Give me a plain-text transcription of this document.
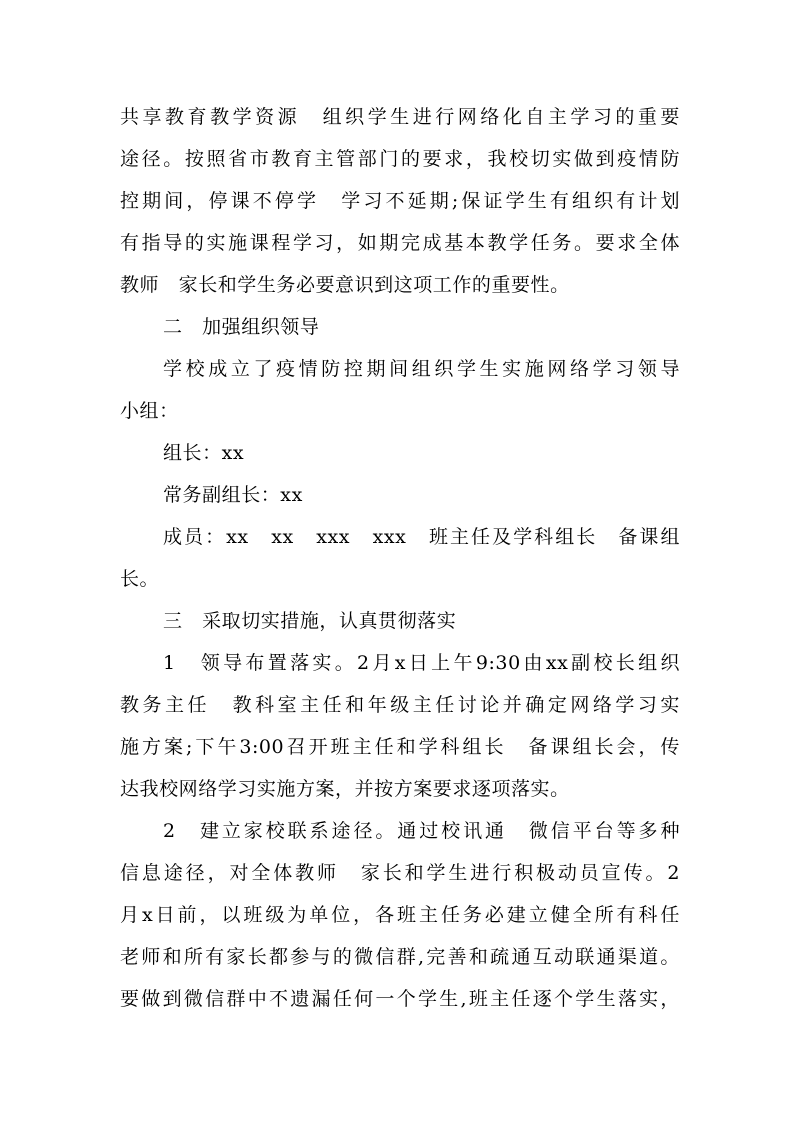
共享教育教学资源　组织学生进行网络化自主学习的重要
途径。按照省市教育主管部门的要求，我校切实做到疫情防
控期间，停课不停学　学习不延期;保证学生有组织有计划
有指导的实施课程学习，如期完成基本教学任务。要求全体
教师　家长和学生务必要意识到这项工作的重要性。
二　加强组织领导
学校成立了疫情防控期间组织学生实施网络学习领导
小组：
组长：xx
常务副组长：xx
成员：xx　xx　xxx　xxx　班主任及学科组长　备课组
长。
三　采取切实措施，认真贯彻落实
1　领导布置落实。2月x日上午9:30由xx副校长组织
教务主任　教科室主任和年级主任讨论并确定网络学习实
施方案;下午3:00召开班主任和学科组长　备课组长会，传
达我校网络学习实施方案，并按方案要求逐项落实。
2　建立家校联系途径。通过校讯通　微信平台等多种
信息途径，对全体教师　家长和学生进行积极动员宣传。2
月x日前，以班级为单位，各班主任务必建立健全所有科任
老师和所有家长都参与的微信群,完善和疏通互动联通渠道。
要做到微信群中不遗漏任何一个学生,班主任逐个学生落实，
